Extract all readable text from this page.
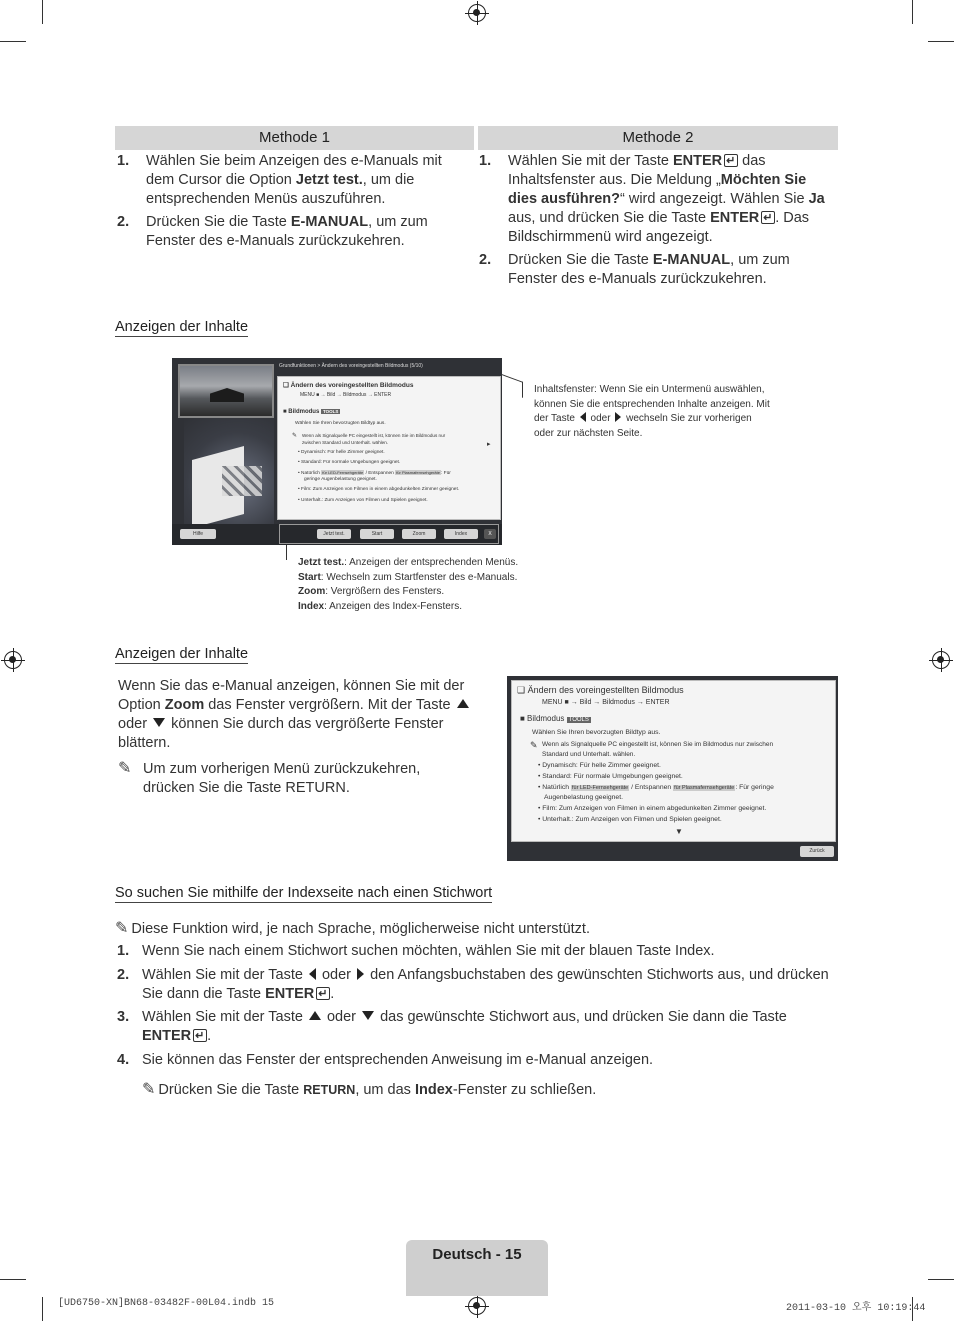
Methode 1	Methode 2
1. Wählen Sie beim Anzeigen des e-Manuals mit dem Cursor die Option Jetzt test., um die entsprechenden Menüs auszuführen.
2. Drücken Sie die Taste E-MANUAL, um zum Fenster des e-Manuals zurückzukehren.
1. Wählen Sie mit der Taste ENTER↵ das Inhaltsfenster aus. Die Meldung „Möchten Sie dies ausführen?“ wird angezeigt. Wählen Sie Ja aus, und drücken Sie die Taste ENTER ↵ . Das Bildschirmmenü wird angezeigt.
2. Drücken Sie die Taste E-MANUAL, um zum Fenster des e-Manuals zurückzukehren.
Anzeigen der Inhalte
Grundfunktionen > Ändern des voreingestellten Bildmodus (5/10)
❑ Ändern des voreingestellten Bildmodus
MENU ■ → Bild → Bildmodus → ENTER
■ Bildmodus TOOLS
Wählen Sie Ihren bevorzugten Bildtyp aus.
✎ Wenn als Signalquelle PC eingestellt ist, können Sie im Bildmodus nur
zwischen Standard und Unterhalt. wählen.
• Dynamisch: Für helle Zimmer geeignet.
• Standard: Für normale Umgebungen geeignet.
• Natürlich für LED-Fernsehgeräte / Entspannen für Plasmafernsehgeräte: Für
geringe Augenbelastung geeignet.
• Film: Zum Anzeigen von Filmen in einem abgedunkelten Zimmer geeignet.
• Unterhalt.: Zum Anzeigen von Filmen und Spielen geeignet.
▸
Hilfe	Jetzt test.	Start	Zoom	Index	X
Inhaltsfenster: Wenn Sie ein Untermenü auswählen, können Sie die entsprechenden Inhalte anzeigen. Mit der Taste oder wechseln Sie zur vorherigen oder zur nächsten Seite.
Jetzt test.: Anzeigen der entsprechenden Menüs.
Start: Wechseln zum Startfenster des e-Manuals.
Zoom: Vergrößern des Fensters.
Index: Anzeigen des Index-Fensters.
Anzeigen der Inhalte
Wenn Sie das e-Manual anzeigen, können Sie mit der Option Zoom das Fenster vergrößern. Mit der Taste  oder können Sie durch das vergrößerte Fenster blättern.
✎ Um zum vorherigen Menü zurückzukehren, drücken Sie die Taste RETURN.
❑ Ändern des voreingestellten Bildmodus
MENU ■ → Bild → Bildmodus → ENTER
■ Bildmodus TOOLS
Wählen Sie Ihren bevorzugten Bildtyp aus.
✎ Wenn als Signalquelle PC eingestellt ist, können Sie im Bildmodus nur zwischen
Standard und Unterhalt. wählen.
• Dynamisch: Für helle Zimmer geeignet.
• Standard: Für normale Umgebungen geeignet.
• Natürlich für LED-Fernsehgeräte / Entspannen für Plasmafernsehgeräte: Für geringe
Augenbelastung geeignet.
• Film: Zum Anzeigen von Filmen in einem abgedunkelten Zimmer geeignet.
• Unterhalt.: Zum Anzeigen von Filmen und Spielen geeignet.
▼
Zurück
So suchen Sie mithilfe der Indexseite nach einen Stichwort
✎ Diese Funktion wird, je nach Sprache, möglicherweise nicht unterstützt.
1. Wenn Sie nach einem Stichwort suchen möchten, wählen Sie mit der blauen Taste Index.
2. Wählen Sie mit der Taste oder den Anfangsbuchstaben des gewünschten Stichworts aus, und drücken Sie dann die Taste ENTER ↵ .
3. Wählen Sie mit der Taste oder das gewünschte Stichwort aus, und drücken Sie dann die Taste ENTER ↵ .
4. Sie können das Fenster der entsprechenden Anweisung im e-Manual anzeigen.
✎ Drücken Sie die Taste RETURN, um das Index-Fenster zu schließen.
Deutsch - 15
[UD6750-XN]BN68-03482F-00L04.indb 15	2011-03-10 오후 10:19:44
